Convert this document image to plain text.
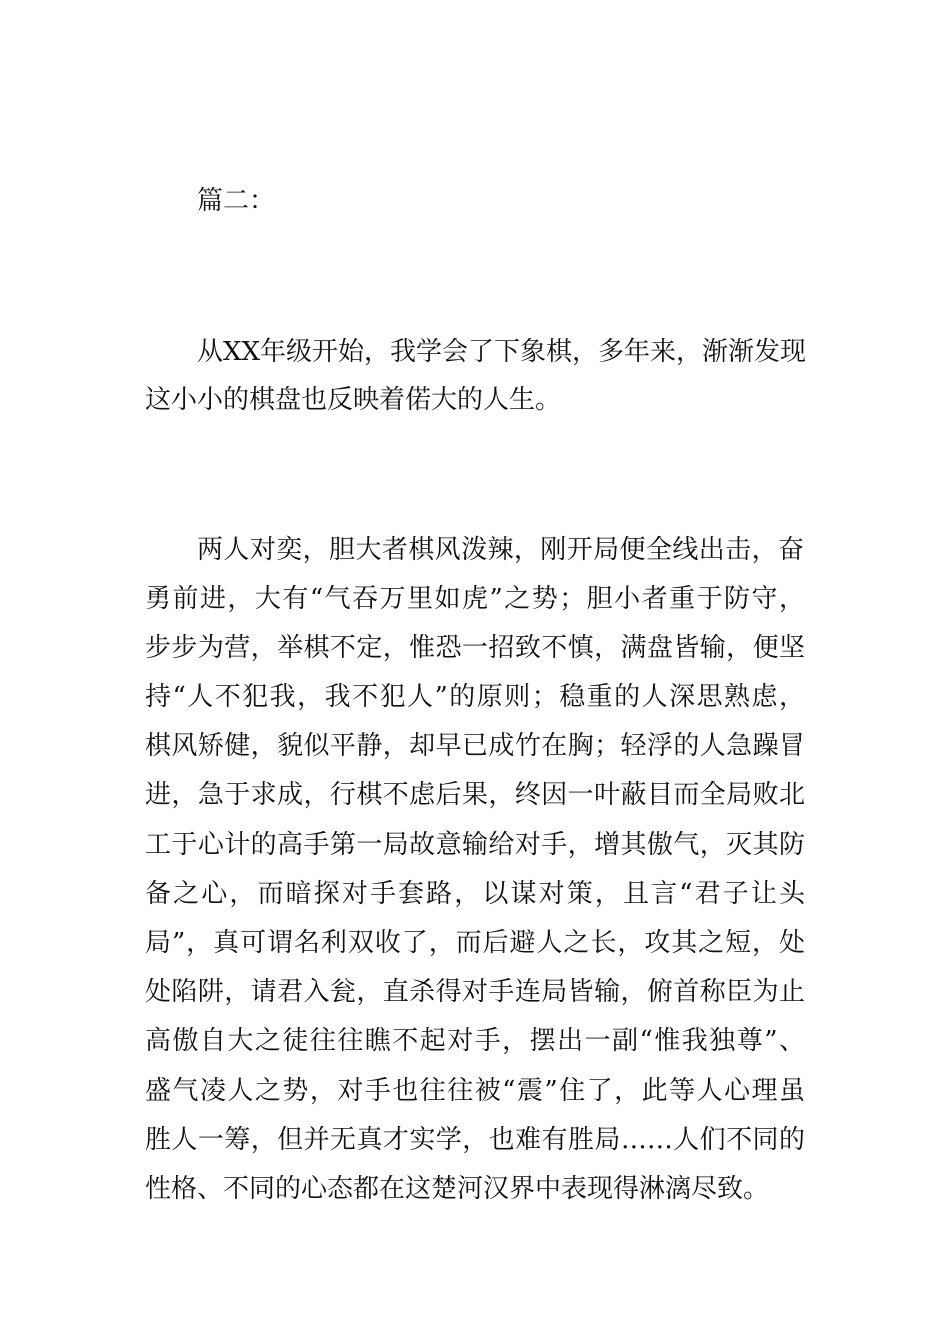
篇二：

从XX年级开始，我学会了下象棋，多年来，渐渐发现

这小小的棋盘也反映着偌大的人生。

两人对奕，胆大者棋风泼辣，刚开局便全线出击，奋

勇前进，大有“气吞万里如虎”之势；胆小者重于防守，

步步为营，举棋不定，惟恐一招致不慎，满盘皆输，便坚

持“人不犯我，我不犯人”的原则；稳重的人深思熟虑，

棋风矫健，貌似平静，却早已成竹在胸；轻浮的人急躁冒

进，急于求成，行棋不虑后果，终因一叶蔽目而全局败北

工于心计的高手第一局故意输给对手，增其傲气，灭其防

备之心，而暗探对手套路，以谋对策，且言“君子让头

局”，真可谓名利双收了，而后避人之长，攻其之短，处

处陷阱，请君入瓮，直杀得对手连局皆输，俯首称臣为止

高傲自大之徒往往瞧不起对手，摆出一副“惟我独尊”、

盛气凌人之势，对手也往往被“震”住了，此等人心理虽

胜人一筹，但并无真才实学，也难有胜局……人们不同的

性格、不同的心态都在这楚河汉界中表现得淋漓尽致。
